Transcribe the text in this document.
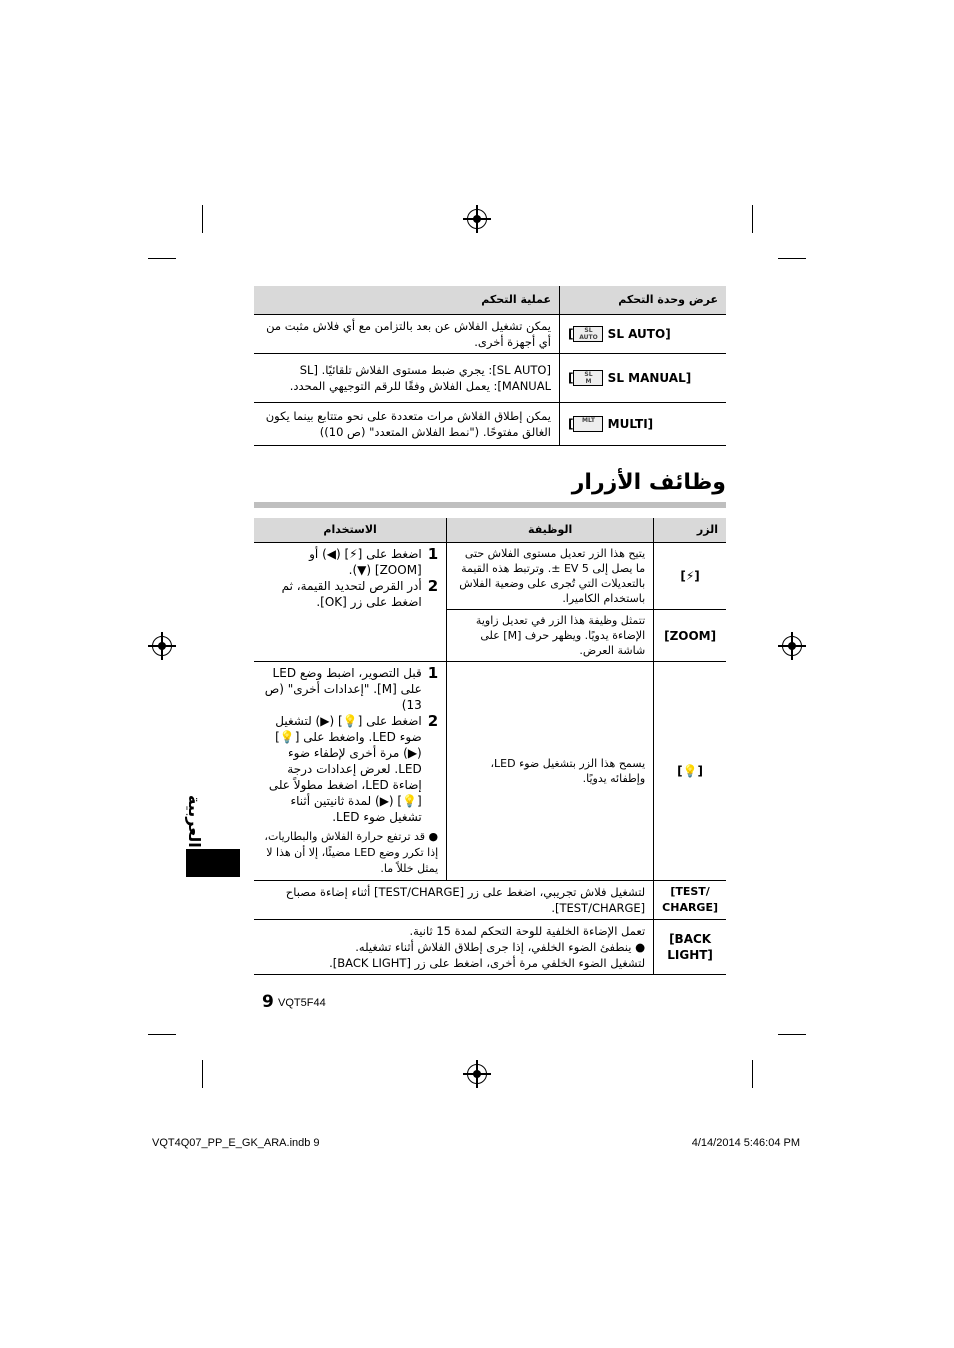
عرض وحدة التحكم	عملية التحكم
[ SL
AUTO SL AUTO]	يمكن تشغيل الفلاش عن بعد بالتزامن مع أي فلاش مثبت من أي أجهزة أخرى.
[ SL
M SL MANUAL]	[SL AUTO]: يجري ضبط مستوى الفلاش تلقائيًا. [SL MANUAL]: يعمل الفلاش وفقًا للرقم التوجيهي المحدد.
[ MLT MULTI]	يمكن إطلاق الفلاش مرات متعددة على نحو متتابع بينما يكون الغالق مفتوحًا. ("نمط الفلاش المتعدد" (ص 10))
وظائف الأزرار
الزر	الوظيفة	الاستخدام
[⚡]	يتيح هذا الزر تعديل مستوى الفلاش حتى ما يصل إلى 5 EV ±. وترتبط هذه القيمة بالتعديلات التي تُجرى على وضعية الفلاش باستخدام الكاميرا.	1
اضغط على [⚡] (◀) أو [ZOOM] (▼).
2
أدر القرص لتحديد القيمة، ثم اضغط على زر [OK].

[ZOOM]	تتمثل وظيفة هذا الزر في تعديل زاوية الإضاءة يدويًا. ويظهر حرف [M] على شاشة العرض.	
[💡]	يسمح هذا الزر بتشغيل ضوء LED، وإطفائه يدويًا.	1
قبل التصوير، اضبط وضع LED على [M]. "إعدادات أخرى" (ص 13)
2
اضغط على [💡] (▶) لتشغيل ضوء LED. واضغط على [💡] (▶) مرة أخرى لإطفاء ضوء LED. لعرض إعدادات درجة إضاءة LED، اضغط مطولاً على [💡] (▶) لمدة ثانيتين أثناء تشغيل ضوء LED.
● قد ترتفع حرارة الفلاش والبطاريات، إذا تكرر وضع LED مضيئًا، إلا أن هذا لا يمثل خللاً ما.

[TEST/ CHARGE]	لتشغيل فلاش تجريبي، اضغط على زر [TEST/CHARGE] أثناء إضاءة مصباح [TEST/CHARGE].	
[BACK LIGHT]	تعمل الإضاءة الخلفية للوحة التحكم لمدة 15 ثانية.
● ينطفئ الضوء الخلفي، إذا جرى إطلاق الفلاش أثناء تشغيله.
لتشغيل الضوء الخلفي مرة أخرى، اضغط على زر [BACK LIGHT].	
العربية
9 VQT5F44
VQT4Q07_PP_E_GK_ARA.indb 9	4/14/2014 5:46:04 PM
